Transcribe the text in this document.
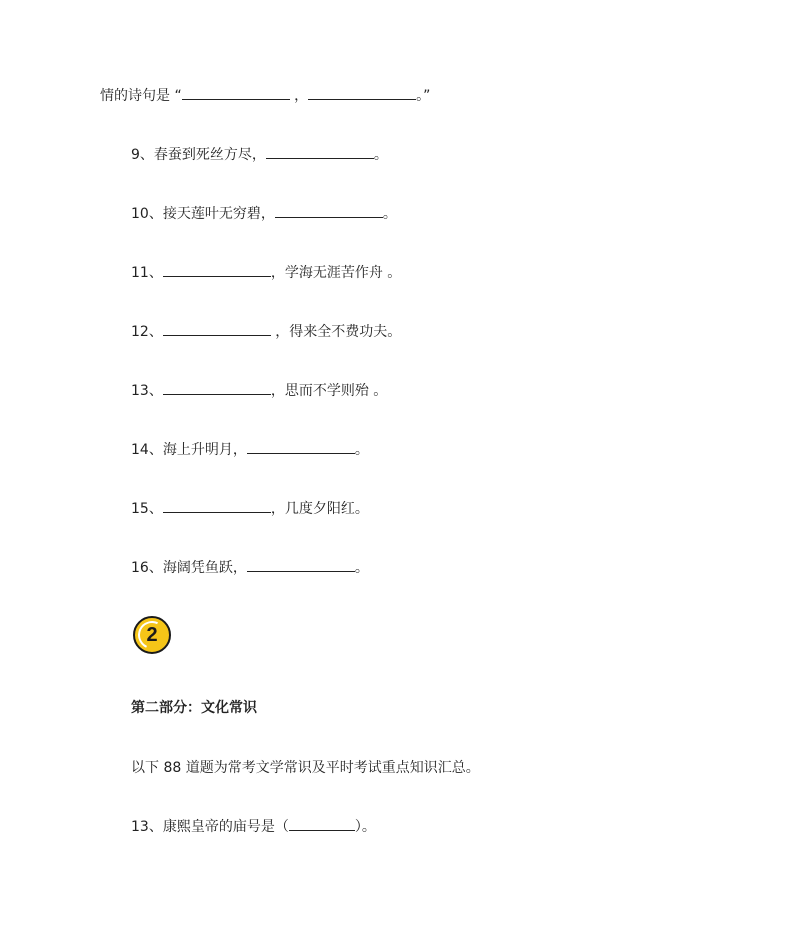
情的诗句是 “	，	。”
9、春蚕到死丝方尽，	。
10、接天莲叶无穷碧，	。
11、	，学海无涯苦作舟 。
12、	，得来全不费功夫。
13、	，思而不学则殆 。
14、海上升明月，	。
15、	，几度夕阳红。
16、海阔凭鱼跃，	。
2
第二部分：文化常识
以下 88 道题为常考文学常识及平时考试重点知识汇总。
13、康熙皇帝的庙号是（	）。
